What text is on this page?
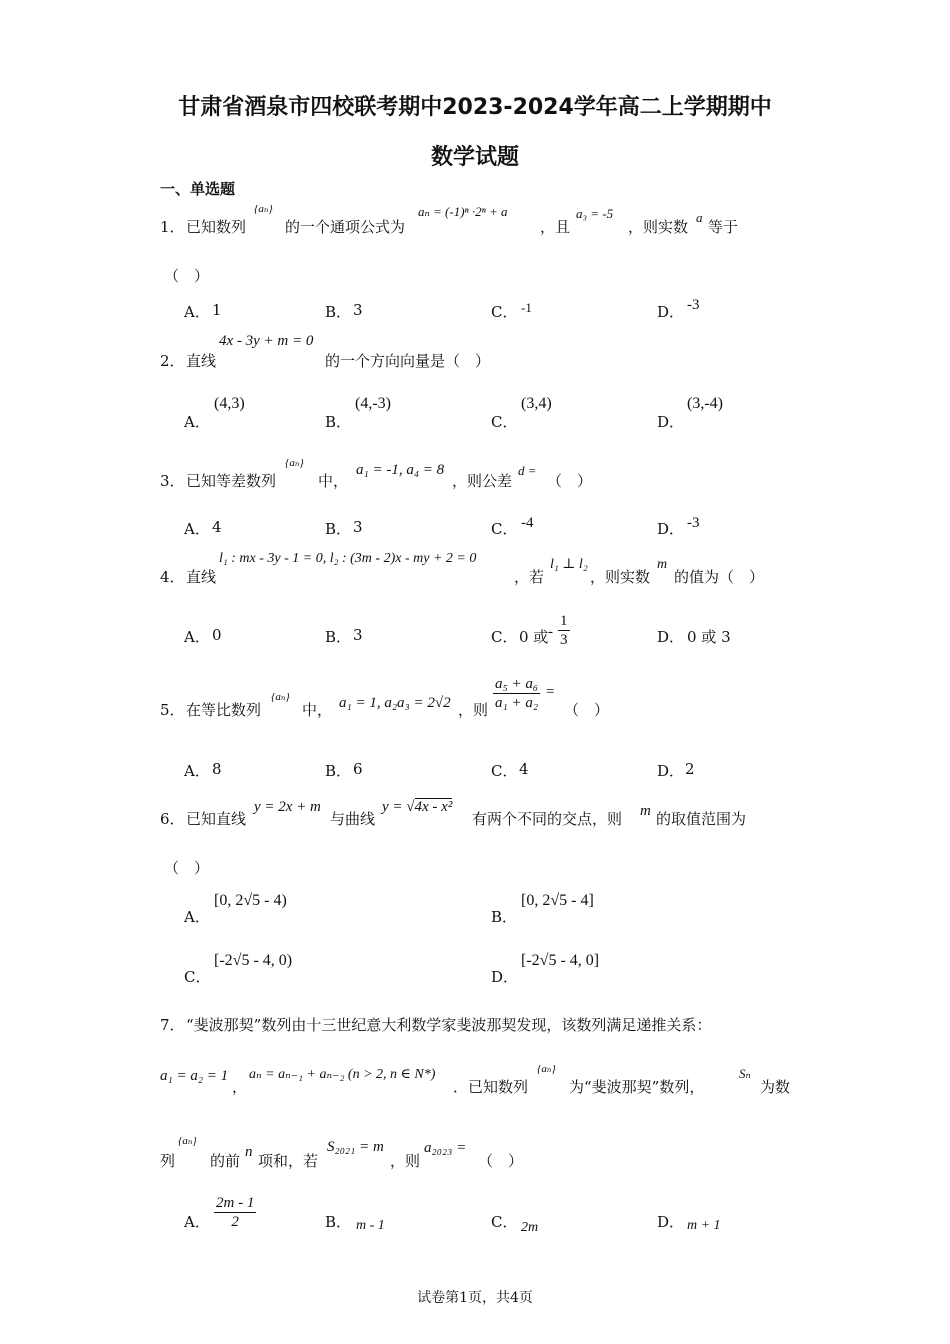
甘肃省酒泉市四校联考期中2023-2024学年高二上学期期中
数学试题
一、单选题
1． 已知数列
{aₙ}
的一个通项公式为
aₙ = (-1)ⁿ ·2ⁿ + a
，且
a₃ = -5
，则实数
a
等于
（　）
A． 1	B． 3	C． -1	D． -3
2． 直线
4x - 3y + m = 0
的一个方向向量是（　）
A．
(4,3)
B．
(4,-3)
C．
(3,4)
D．
(3,-4)
3． 已知等差数列
{aₙ}
中，
a₁ = -1, a₄ = 8
，则公差
d =
（　）
A． 4	B． 3	C． -4	D． -3
4． 直线
l₁ : mx - 3y - 1 = 0, l₂ : (3m - 2)x - my + 2 = 0
，若
l₁ ⊥ l₂
，则实数
m
的值为（　）
A． 0	B． 3	C． 0 或 - $\frac{1}{3}$	D． 0 或 3
5． 在等比数列
{aₙ}
中， a₁ = 1, a₂a₃ = 2√2 ，则 $\frac{\text{a₅ + a₆}}{\text{a₁ + a₂}}$ =
（　）
A． 8	B． 6	C． 4	D． 2
6． 已知直线
y = 2x + m
与曲线
y = √4x - x²
有两个不同的交点，则 m 的取值范围为
（　）
A．
[0, 2√5 - 4)
B．
[0, 2√5 - 4]
C．
[-2√5 - 4, 0)
D．
[-2√5 - 4, 0]
7． “斐波那契”数列由十三世纪意大利数学家斐波那契发现，该数列满足递推关系：
a₁ = a₂ = 1
，
aₙ = aₙ₋₁ + aₙ₋₂ (n > 2, n ∈ N*)
．已知数列
{aₙ}
为“斐波那契”数列，
Sₙ
为数
列
{aₙ}
的前 n 项和，若
S₂₀₂₁ = m
，则
a₂₀₂₃ =
（　）
A． $\frac{2m - 1}{2}$	B． m - 1	C． 2m	D． m + 1
试卷第1页，共4页
